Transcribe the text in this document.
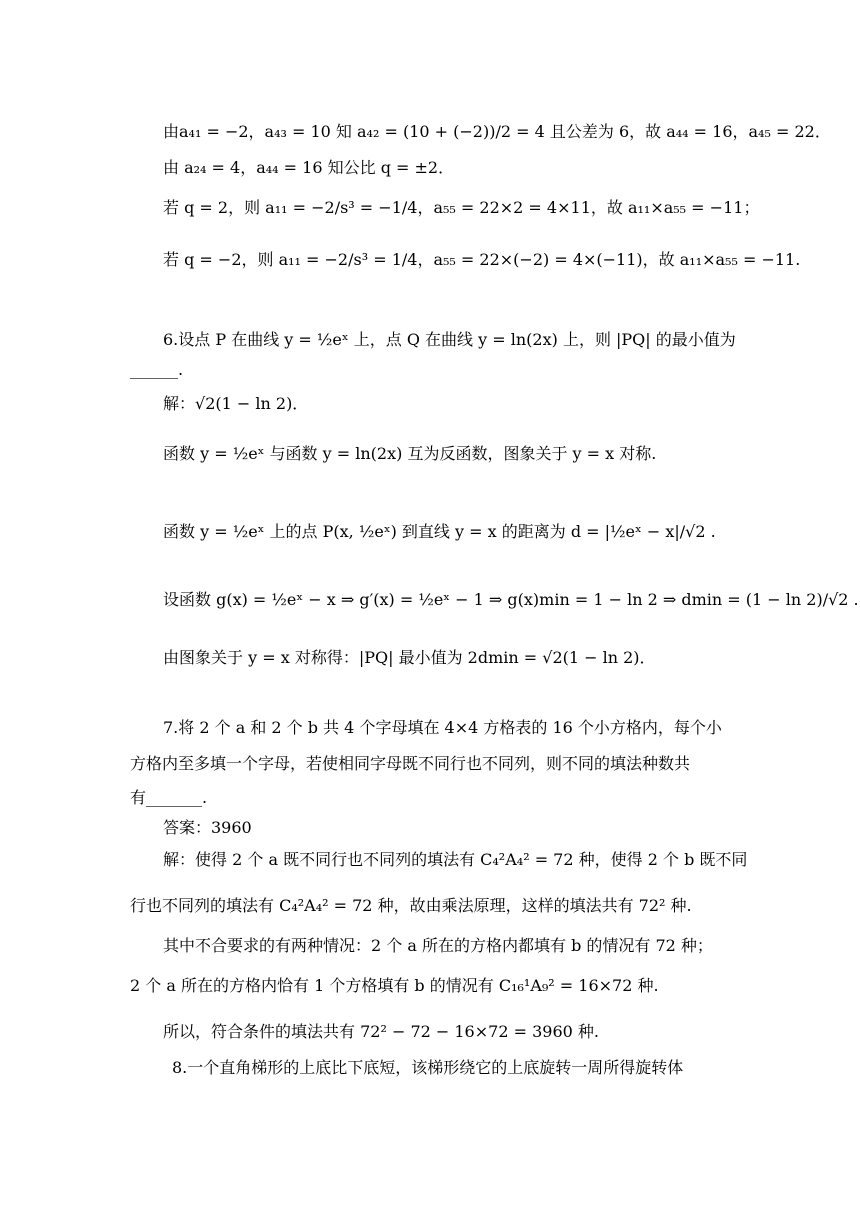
由a₄₁ = −2，a₄₃ = 10 知 a₄₂ = (10 + (−2))/2 = 4 且公差为 6，故 a₄₄ = 16，a₄₅ = 22．
由 a₂₄ = 4，a₄₄ = 16 知公比 q = ±2．
若 q = 2，则 a₁₁ = −2/s³ = −1/4，a₅₅ = 22×2 = 4×11，故 a₁₁×a₅₅ = −11；
若 q = −2，则 a₁₁ = −2/s³ = 1/4，a₅₅ = 22×(−2) = 4×(−11)，故 a₁₁×a₅₅ = −11.
6.设点 P 在曲线 y = ½eˣ 上，点 Q 在曲线 y = ln(2x) 上，则 |PQ| 的最小值为
______.
解：√2(1 − ln 2)．
函数 y = ½eˣ 与函数 y = ln(2x) 互为反函数，图象关于 y = x 对称.
函数 y = ½eˣ 上的点 P(x, ½eˣ) 到直线 y = x 的距离为 d = |½eˣ − x|/√2 .
设函数 g(x) = ½eˣ − x ⇒ g′(x) = ½eˣ − 1 ⇒ g(x)min = 1 − ln 2 ⇒ dmin = (1 − ln 2)/√2 .
由图象关于 y = x 对称得：|PQ| 最小值为 2dmin = √2(1 − ln 2)．
7.将 2 个 a 和 2 个 b 共 4 个字母填在 4×4 方格表的 16 个小方格内，每个小
方格内至多填一个字母，若使相同字母既不同行也不同列，则不同的填法种数共
有_______.
答案：3960
解：使得 2 个 a 既不同行也不同列的填法有 C₄²A₄² = 72 种，使得 2 个 b 既不同
行也不同列的填法有 C₄²A₄² = 72 种，故由乘法原理，这样的填法共有 72² 种.
其中不合要求的有两种情况：2 个 a 所在的方格内都填有 b 的情况有 72 种；
2 个 a 所在的方格内恰有 1 个方格填有 b 的情况有 C₁₆¹A₉² = 16×72 种.
所以，符合条件的填法共有 72² − 72 − 16×72 = 3960 种.
8.一个直角梯形的上底比下底短，该梯形绕它的上底旋转一周所得旋转体
